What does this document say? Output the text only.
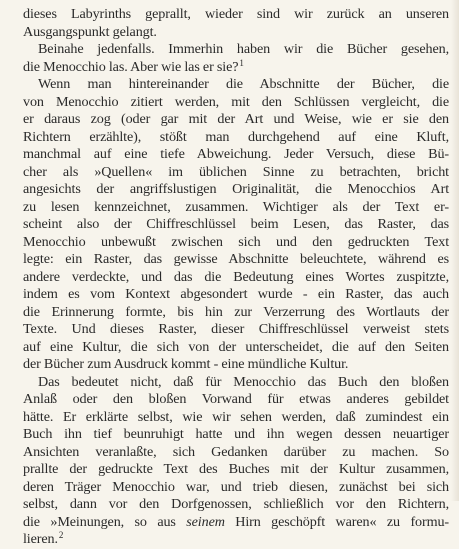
dieses Labyrinths geprallt, wieder sind wir zurück an unseren
Ausgangspunkt gelangt.
Beinahe jedenfalls. Immerhin haben wir die Bücher gesehen,
die Menocchio las. Aber wie las er sie?$^1$
Wenn man hintereinander die Abschnitte der Bücher, die
von Menocchio zitiert werden, mit den Schlüssen vergleicht, die
er daraus zog (oder gar mit der Art und Weise, wie er sie den
Richtern erzählte), stößt man durchgehend auf eine Kluft,
manchmal auf eine tiefe Abweichung. Jeder Versuch, diese Bü-
cher als »Quellen« im üblichen Sinne zu betrachten, bricht
angesichts der angriffslustigen Originalität, die Menocchios Art
zu lesen kennzeichnet, zusammen. Wichtiger als der Text er-
scheint also der Chiffreschlüssel beim Lesen, das Raster, das
Menocchio unbewußt zwischen sich und den gedruckten Text
legte: ein Raster, das gewisse Abschnitte beleuchtete, während es
andere verdeckte, und das die Bedeutung eines Wortes zuspitzte,
indem es vom Kontext abgesondert wurde - ein Raster, das auch
die Erinnerung formte, bis hin zur Verzerrung des Wortlauts der
Texte. Und dieses Raster, dieser Chiffreschlüssel verweist stets
auf eine Kultur, die sich von der unterscheidet, die auf den Seiten
der Bücher zum Ausdruck kommt - eine mündliche Kultur.
Das bedeutet nicht, daß für Menocchio das Buch den bloßen
Anlaß oder den bloßen Vorwand für etwas anderes gebildet
hätte. Er erklärte selbst, wie wir sehen werden, daß zumindest ein
Buch ihn tief beunruhigt hatte und ihn wegen dessen neuartiger
Ansichten veranlaßte, sich Gedanken darüber zu machen. So
prallte der gedruckte Text des Buches mit der Kultur zusammen,
deren Träger Menocchio war, und trieb diesen, zunächst bei sich
selbst, dann vor den Dorfgenossen, schließlich vor den Richtern,
die »Meinungen, so aus seinem Hirn geschöpft waren« zu formu-
lieren.$^2$
